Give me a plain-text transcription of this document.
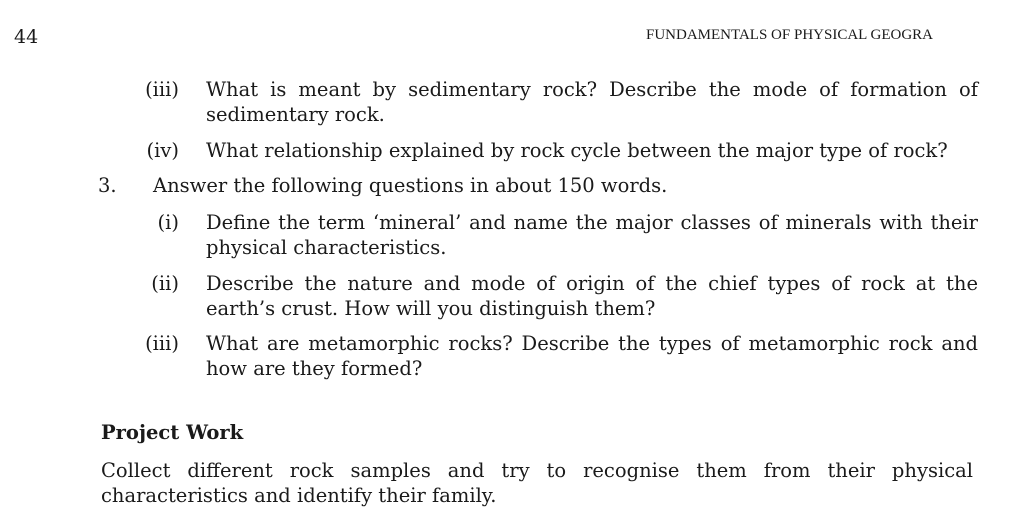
44	FUNDAMENTALS OF PHYSICAL GEOGRA
(iii) What is meant by sedimentary rock? Describe the mode of formation of sedimentary rock.
(iv) What relationship explained by rock cycle between the major type of rock?
3. Answer the following questions in about 150 words.
(i) Define the term ‘mineral’ and name the major classes of minerals with their physical characteristics.
(ii) Describe the nature and mode of origin of the chief types of rock at the earth’s crust. How will you distinguish them?
(iii) What are metamorphic rocks? Describe the types of metamorphic rock and how are they formed?
Project Work
Collect different rock samples and try to recognise them from their physical characteristics and identify their family.
